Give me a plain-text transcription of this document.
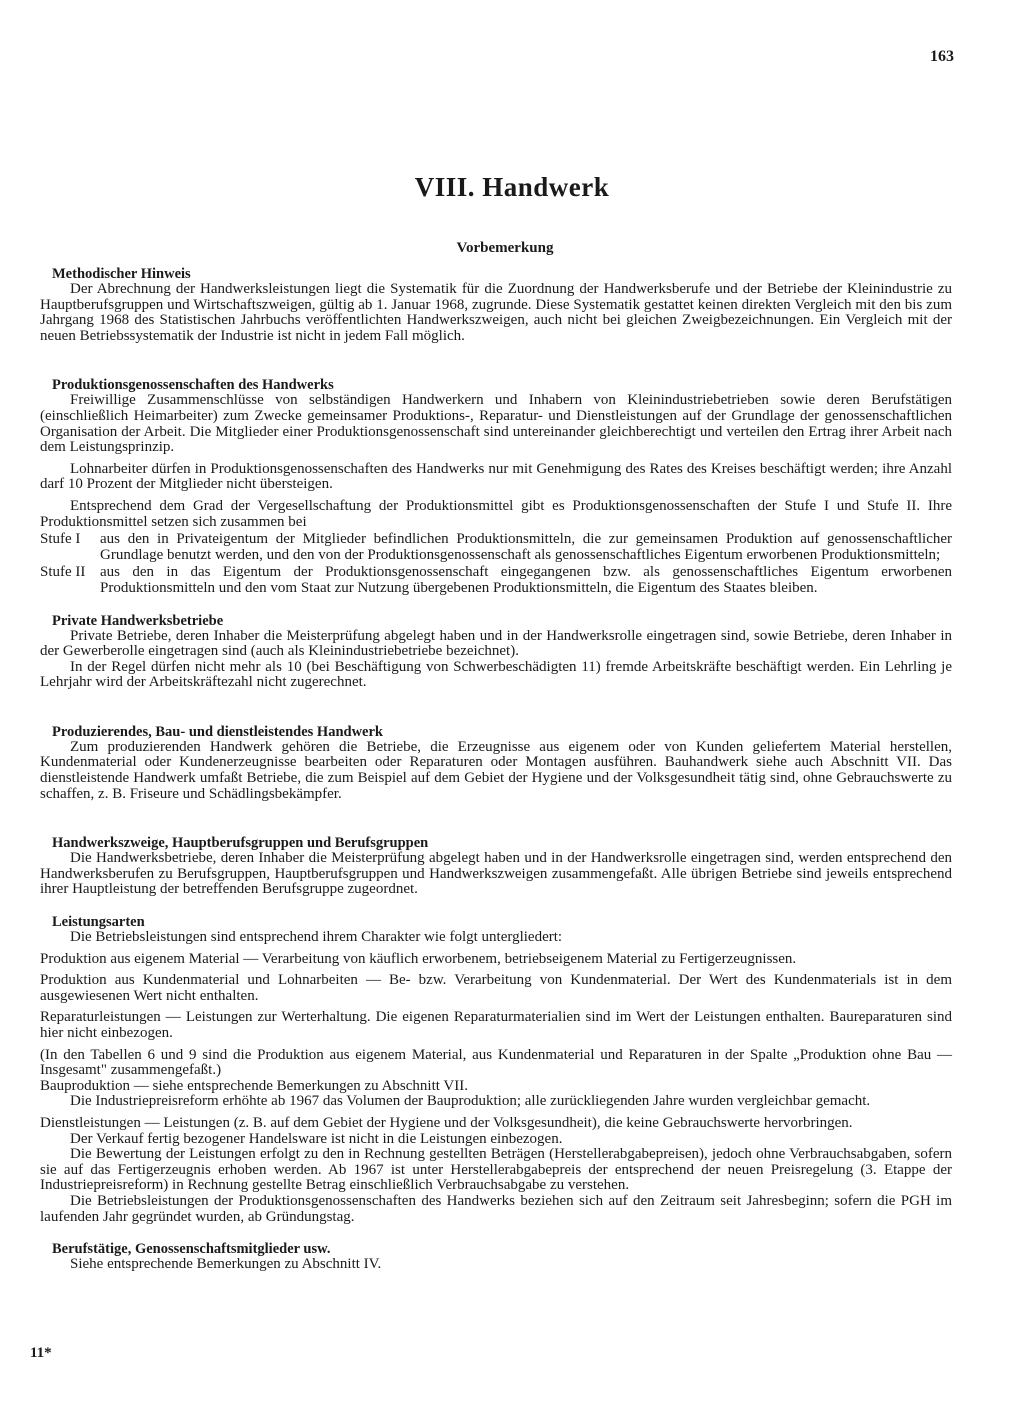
163
VIII. Handwerk
Vorbemerkung
Methodischer Hinweis

Der Abrechnung der Handwerksleistungen liegt die Systematik für die Zuordnung der Handwerksberufe und der Betriebe der Kleinindustrie zu Hauptberufsgruppen und Wirtschaftszweigen, gültig ab 1. Januar 1968, zugrunde. Diese Systematik gestattet keinen direkten Vergleich mit den bis zum Jahrgang 1968 des Statistischen Jahrbuchs veröffentlichten Handwerkszweigen, auch nicht bei gleichen Zweigbezeichnungen. Ein Vergleich mit der neuen Betriebssystematik der Industrie ist nicht in jedem Fall möglich.

Produktionsgenossenschaften des Handwerks

Freiwillige Zusammenschlüsse von selbständigen Handwerkern und Inhabern von Kleinindustriebetrieben sowie deren Berufstätigen (einschließlich Heimarbeiter) zum Zwecke gemeinsamer Produktions-, Reparatur- und Dienstleistungen auf der Grundlage der genossenschaftlichen Organisation der Arbeit. Die Mitglieder einer Produktionsgenossenschaft sind untereinander gleichberechtigt und verteilen den Ertrag ihrer Arbeit nach dem Leistungsprinzip.

Lohnarbeiter dürfen in Produktionsgenossenschaften des Handwerks nur mit Genehmigung des Rates des Kreises beschäftigt werden; ihre Anzahl darf 10 Prozent der Mitglieder nicht übersteigen.

Entsprechend dem Grad der Vergesellschaftung der Produktionsmittel gibt es Produktionsgenossenschaften der Stufe I und Stufe II. Ihre Produktionsmittel setzen sich zusammen bei

Stufe I	aus den in Privateigentum der Mitglieder befindlichen Produktionsmitteln, die zur gemeinsamen Produktion auf genossenschaftlicher Grundlage benutzt werden, und den von der Produktionsgenossenschaft als genossenschaftliches Eigentum erworbenen Produktionsmitteln;
Stufe II aus den in das Eigentum der Produktionsgenossenschaft eingegangenen bzw. als genossenschaftliches Eigentum erworbenen Produktionsmitteln und den vom Staat zur Nutzung übergebenen Produktionsmitteln, die Eigentum des Staates bleiben.
Private Handwerksbetriebe

Private Betriebe, deren Inhaber die Meisterprüfung abgelegt haben und in der Handwerksrolle eingetragen sind, sowie Betriebe, deren Inhaber in der Gewerberolle eingetragen sind (auch als Kleinindustriebetriebe bezeichnet).

In der Regel dürfen nicht mehr als 10 (bei Beschäftigung von Schwerbeschädigten 11) fremde Arbeitskräfte beschäftigt werden. Ein Lehrling je Lehrjahr wird der Arbeitskräftezahl nicht zugerechnet.

Produzierendes, Bau- und dienstleistendes Handwerk

Zum produzierenden Handwerk gehören die Betriebe, die Erzeugnisse aus eigenem oder von Kunden geliefertem Material herstellen, Kundenmaterial oder Kundenerzeugnisse bearbeiten oder Reparaturen oder Montagen ausführen. Bauhandwerk siehe auch Abschnitt VII. Das dienstleistende Handwerk umfaßt Betriebe, die zum Beispiel auf dem Gebiet der Hygiene und der Volksgesundheit tätig sind, ohne Gebrauchswerte zu schaffen, z. B. Friseure und Schädlingsbekämpfer.

Handwerkszweige, Hauptberufsgruppen und Berufsgruppen

Die Handwerksbetriebe, deren Inhaber die Meisterprüfung abgelegt haben und in der Handwerksrolle eingetragen sind, werden entsprechend den Handwerksberufen zu Berufsgruppen, Hauptberufsgruppen und Handwerkszweigen zusammengefaßt. Alle übrigen Betriebe sind jeweils entsprechend ihrer Hauptleistung der betreffenden Berufsgruppe zugeordnet.

Leistungsarten

Die Betriebsleistungen sind entsprechend ihrem Charakter wie folgt untergliedert:

Produktion aus eigenem Material — Verarbeitung von käuflich erworbenem, betriebseigenem Material zu Fertigerzeugnissen.

Produktion aus Kundenmaterial und Lohnarbeiten — Be- bzw. Verarbeitung von Kundenmaterial. Der Wert des Kundenmaterials ist in dem ausgewiesenen Wert nicht enthalten.

Reparaturleistungen — Leistungen zur Werterhaltung. Die eigenen Reparaturmaterialien sind im Wert der Leistungen enthalten. Baureparaturen sind hier nicht einbezogen.

(In den Tabellen 6 und 9 sind die Produktion aus eigenem Material, aus Kundenmaterial und Reparaturen in der Spalte „Produktion ohne Bau — Insgesamt" zusammengefaßt.)

Bauproduktion — siehe entsprechende Bemerkungen zu Abschnitt VII.

Die Industriepreisreform erhöhte ab 1967 das Volumen der Bauproduktion; alle zurückliegenden Jahre wurden vergleichbar gemacht.

Dienstleistungen — Leistungen (z. B. auf dem Gebiet der Hygiene und der Volksgesundheit), die keine Gebrauchswerte hervorbringen.

Der Verkauf fertig bezogener Handelsware ist nicht in die Leistungen einbezogen.

Die Bewertung der Leistungen erfolgt zu den in Rechnung gestellten Beträgen (Herstellerabgabepreisen), jedoch ohne Verbrauchsabgaben, sofern sie auf das Fertigerzeugnis erhoben werden. Ab 1967 ist unter Herstellerabgabepreis der entsprechend der neuen Preisregelung (3. Etappe der Industriepreisreform) in Rechnung gestellte Betrag einschließlich Verbrauchsabgabe zu verstehen.

Die Betriebsleistungen der Produktionsgenossenschaften des Handwerks beziehen sich auf den Zeitraum seit Jahresbeginn; sofern die PGH im laufenden Jahr gegründet wurden, ab Gründungstag.

Berufstätige, Genossenschaftsmitglieder usw.

Siehe entsprechende Bemerkungen zu Abschnitt IV.

11*
